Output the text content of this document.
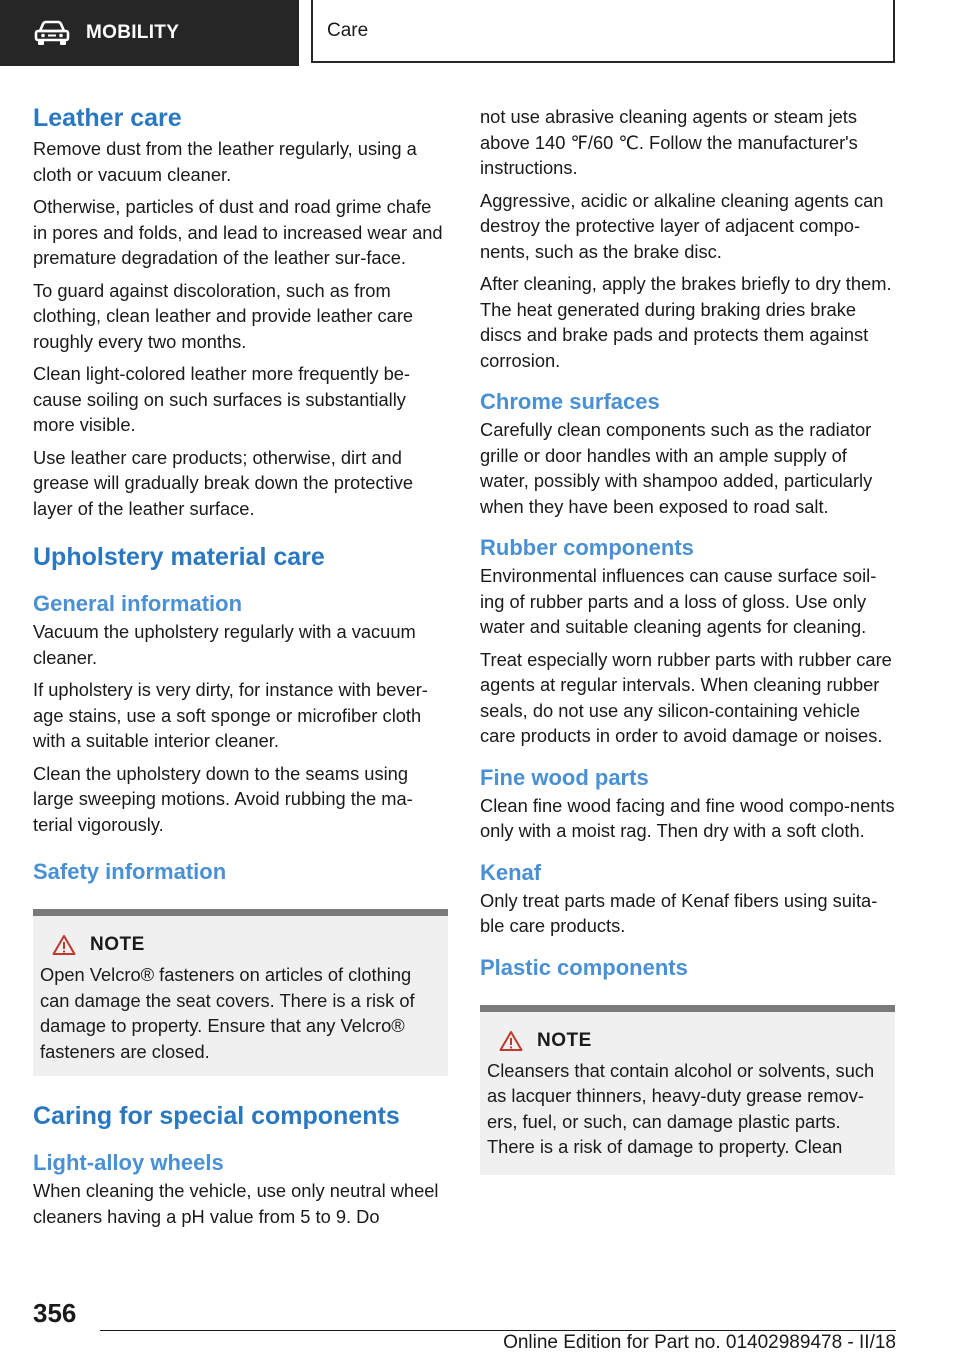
MOBILITY	Care
Leather care

Remove dust from the leather regularly, using a cloth or vacuum cleaner.

Otherwise, particles of dust and road grime chafe in pores and folds, and lead to increased wear and premature degradation of the leather sur-face.

To guard against discoloration, such as from clothing, clean leather and provide leather care roughly every two months.

Clean light-colored leather more frequently be-cause soiling on such surfaces is substantially more visible.

Use leather care products; otherwise, dirt and grease will gradually break down the protective layer of the leather surface.

Upholstery material care
General information

Vacuum the upholstery regularly with a vacuum cleaner.

If upholstery is very dirty, for instance with bever-age stains, use a soft sponge or microfiber cloth with a suitable interior cleaner.

Clean the upholstery down to the seams using large sweeping motions. Avoid rubbing the ma-terial vigorously.

Safety information
NOTE

Open Velcro® fasteners on articles of clothing can damage the seat covers. There is a risk of damage to property. Ensure that any Velcro® fasteners are closed.

Caring for special components
Light-alloy wheels

When cleaning the vehicle, use only neutral wheel cleaners having a pH value from 5 to 9. Do

not use abrasive cleaning agents or steam jets above 140 ℉/60 ℃. Follow the manufacturer's instructions.

Aggressive, acidic or alkaline cleaning agents can destroy the protective layer of adjacent compo-nents, such as the brake disc.

After cleaning, apply the brakes briefly to dry them. The heat generated during braking dries brake discs and brake pads and protects them against corrosion.

Chrome surfaces

Carefully clean components such as the radiator grille or door handles with an ample supply of water, possibly with shampoo added, particularly when they have been exposed to road salt.

Rubber components

Environmental influences can cause surface soil-ing of rubber parts and a loss of gloss. Use only water and suitable cleaning agents for cleaning.

Treat especially worn rubber parts with rubber care agents at regular intervals. When cleaning rubber seals, do not use any silicon-containing vehicle care products in order to avoid damage or noises.

Fine wood parts

Clean fine wood facing and fine wood compo-nents only with a moist rag. Then dry with a soft cloth.

Kenaf

Only treat parts made of Kenaf fibers using suita-ble care products.

Plastic components
NOTE

Cleansers that contain alcohol or solvents, such as lacquer thinners, heavy-duty grease remov-ers, fuel, or such, can damage plastic parts. There is a risk of damage to property. Clean

356
Online Edition for Part no. 01402989478 - II/18
